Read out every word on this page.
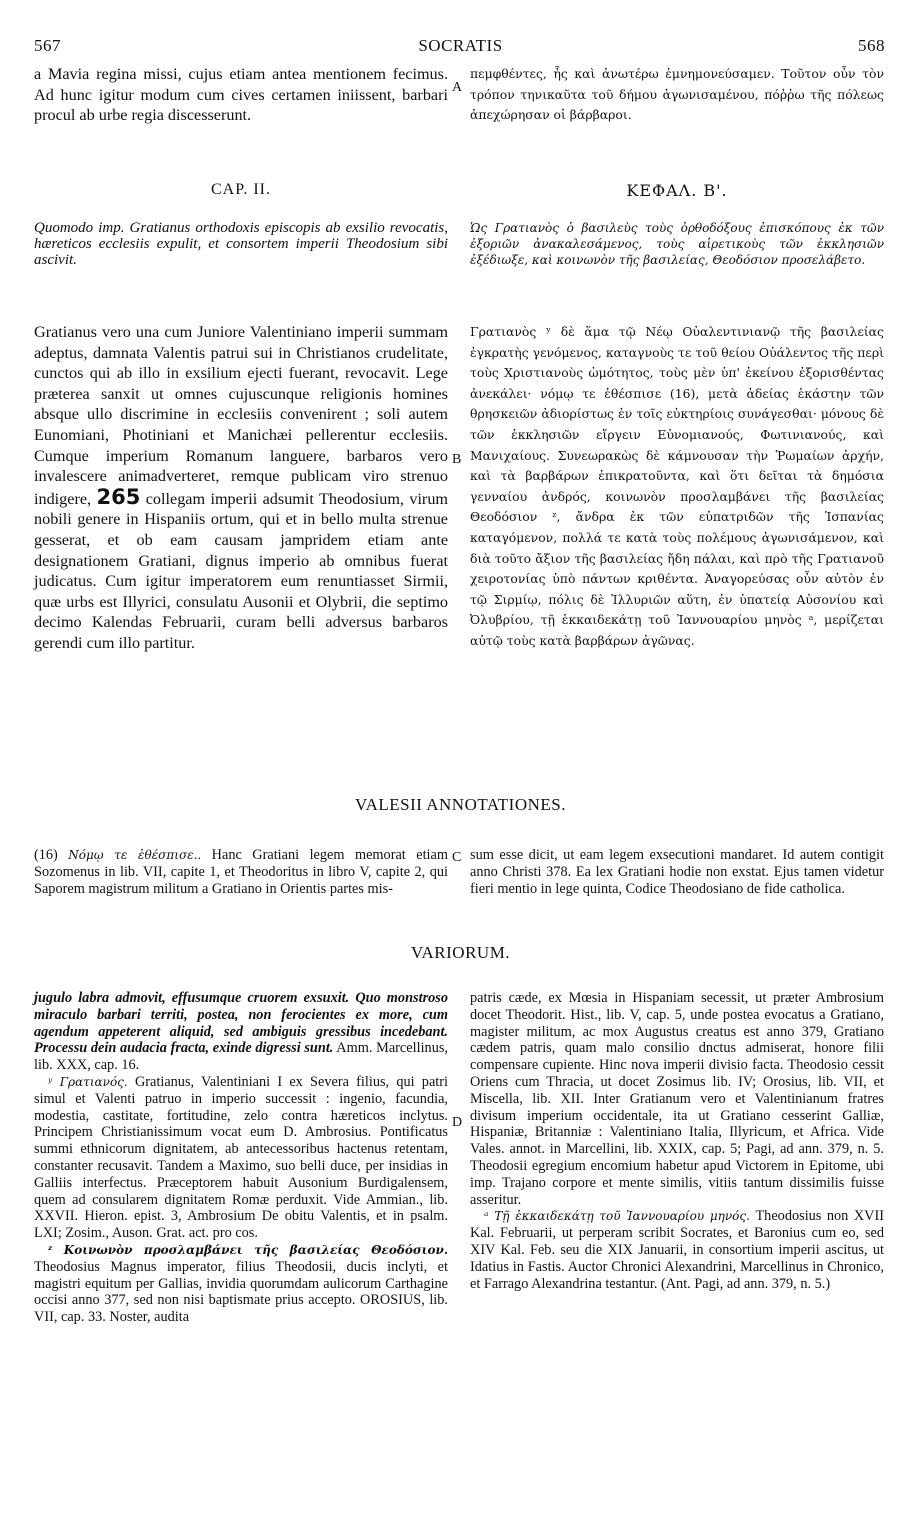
567	SOCRATIS	568
a Mavia regina missi, cujus etiam antea mentionem fecimus. Ad hunc igitur modum cum cives certamen iniissent, barbari procul ab urbe regia discesserunt.
πεμφθέντες, ἧς καὶ ἀνωτέρω ἐμνημονεύσαμεν. Τοῦτον οὖν τὸν τρόπον τηνικαῦτα τοῦ δήμου ἀγωνισαμένου, πόῤῥω τῆς πόλεως ἀπεχώρησαν οἱ βάρβαροι.
A
CAP. II.	ΚΕΦΑΛ. Β'.
Quomodo imp. Gratianus orthodoxis episcopis ab exsilio revocatis, hæreticos ecclesiis expulit, et consortem imperii Theodosium sibi ascivit.
Ὡς Γρατιανὸς ὁ βασιλεὺς τοὺς ὀρθοδόξους ἐπισκόπους ἐκ τῶν ἐξοριῶν ἀνακαλεσάμενος, τοὺς αἱρετικοὺς τῶν ἐκκλησιῶν ἐξέδιωξε, καὶ κοινωνὸν τῆς βασιλείας, Θεοδόσιον προσελάβετο.
Gratianus vero una cum Juniore Valentiniano imperii summam adeptus, damnata Valentis patrui sui in Christianos crudelitate, cunctos qui ab illo in exsilium ejecti fuerant, revocavit. Lege præterea sanxit ut omnes cujuscunque religionis homines absque ullo discrimine in ecclesiis convenirent ; soli autem Eunomiani, Photiniani et Manichæi pellerentur ecclesiis. Cumque imperium Romanum languere, barbaros vero invalescere animadverteret, remque publicam viro strenuo indigere, 265 collegam imperii adsumit Theodosium, virum nobili genere in Hispaniis ortum, qui et in bello multa strenue gesserat, et ob eam causam jampridem etiam ante designationem Gratiani, dignus imperio ab omnibus fuerat judicatus. Cum igitur imperatorem eum renuntiasset Sirmii, quæ urbs est Illyrici, consulatu Ausonii et Olybrii, die septimo decimo Kalendas Februarii, curam belli adversus barbaros gerendi cum illo partitur.
Γρατιανὸς ʸ δὲ ἅμα τῷ Νέῳ Οὐαλεντινιανῷ τῆς βασιλείας ἐγκρατὴς γενόμενος, καταγνοὺς τε τοῦ θείου Οὐάλεντος τῆς περὶ τοὺς Χριστιανοὺς ὠμότητος, τοὺς μὲν ὑπ' ἐκείνου ἐξορισθέντας ἀνεκάλει· νόμῳ τε ἐθέσπισε (16), μετὰ ἀδείας ἑκάστην τῶν θρησκειῶν ἀδιορίστως ἐν τοῖς εὐκτηρίοις συνάγεσθαι· μόνους δὲ τῶν ἐκκλησιῶν εἴργειν Εὐνομιανούς, Φωτινιανούς, καὶ Μανιχαίους. Συνεωρακὼς δὲ κάμνουσαν τὴν Ῥωμαίων ἀρχήν, καὶ τὰ βαρβάρων ἐπικρατοῦντα, καὶ ὅτι δεῖται τὰ δημόσια γενναίου ἀνδρός, κοινωνὸν προσλαμβάνει τῆς βασιλείας Θεοδόσιον ᶻ, ἄνδρα ἐκ τῶν εὐπατριδῶν τῆς Ἱσπανίας καταγόμενον, πολλά τε κατὰ τοὺς πολέμους ἀγωνισάμενον, καὶ διὰ τοῦτο ἄξιον τῆς βασιλείας ἤδη πάλαι, καὶ πρὸ τῆς Γρατιανοῦ χειροτονίας ὑπὸ πάντων κριθέντα. Ἀναγορεύσας οὖν αὐτὸν ἐν τῷ Σιρμίῳ, πόλις δὲ Ἰλλυριῶν αὕτη, ἐν ὑπατείᾳ Αὐσονίου καὶ Ὀλυβρίου, τῇ ἑκκαιδεκάτῃ τοῦ Ἰαννουαρίου μηνὸς ᵃ, μερίζεται αὐτῷ τοὺς κατὰ βαρβάρων ἀγῶνας.
B
VALESII ANNOTATIONES.
(16) Νόμῳ τε ἐθέσπισε.. Hanc Gratiani legem memorat etiam Sozomenus in lib. VII, capite 1, et Theodoritus in libro V, capite 2, qui Saporem magistrum militum a Gratiano in Orientis partes mis-
sum esse dicit, ut eam legem exsecutioni mandaret. Id autem contigit anno Christi 378. Ea lex Gratiani hodie non exstat. Ejus tamen videtur fieri mentio in lege quinta, Codice Theodosiano de fide catholica.
C
VARIORUM.
jugulo labra admovit, effusumque cruorem exsuxit. Quo monstroso miraculo barbari territi, postea, non ferocientes ex more, cum agendum appeterent aliquid, sed ambiguis gressibus incedebant. Processu dein audacia fracta, exinde digressi sunt. Amm. Marcellinus, lib. XXX, cap. 16.
ʸ Γρατιανός. Gratianus, Valentiniani I ex Severa filius, qui patri simul et Valenti patruo in imperio successit : ingenio, facundia, modestia, castitate, fortitudine, zelo contra hæreticos inclytus. Principem Christianissimum vocat eum D. Ambrosius. Pontificatus summi ethnicorum dignitatem, ab antecessoribus hactenus retentam, constanter recusavit. Tandem a Maximo, suo belli duce, per insidias in Galliis interfectus. Præceptorem habuit Ausonium Burdigalensem, quem ad consularem dignitatem Romæ perduxit. Vide Ammian., lib. XXVII. Hieron. epist. 3, Ambrosium De obitu Valentis, et in psalm. LXI; Zosim., Auson. Grat. act. pro cos.
ᶻ Κοινωνὸν προσλαμβάνει τῆς βασιλείας Θεοδόσιον. Theodosius Magnus imperator, filius Theodosii, ducis inclyti, et magistri equitum per Gallias, invidia quorumdam aulicorum Carthagine occisi anno 377, sed non nisi baptismate prius accepto. OROSIUS, lib. VII, cap. 33. Noster, audita
patris cæde, ex Mœsia in Hispaniam secessit, ut præter Ambrosium docet Theodorit. Hist., lib. V, cap. 5, unde postea evocatus a Gratiano, magister militum, ac mox Augustus creatus est anno 379, Gratiano cædem patris, quam malo consilio dnctus admiserat, honore filii compensare cupiente. Hinc nova imperii divisio facta. Theodosio cessit Oriens cum Thracia, ut docet Zosimus lib. IV; Orosius, lib. VII, et Miscella, lib. XII. Inter Gratianum vero et Valentinianum fratres divisum imperium occidentale, ita ut Gratiano cesserint Galliæ, Hispaniæ, Britanniæ : Valentiniano Italia, Illyricum, et Africa. Vide Vales. annot. in Marcellini, lib. XXIX, cap. 5; Pagi, ad ann. 379, n. 5. Theodosii egregium encomium habetur apud Victorem in Epitome, ubi imp. Trajano corpore et mente similis, vitiis tantum dissimilis fuisse asseritur.
ᵃ Τῇ ἑκκαιδεκάτῃ τοῦ Ἰαννουαρίου μηνός. Theodosius non XVII Kal. Februarii, ut perperam scribit Socrates, et Baronius cum eo, sed XIV Kal. Feb. seu die XIX Januarii, in consortium imperii ascitus, ut Idatius in Fastis. Auctor Chronici Alexandrini, Marcellinus in Chronico, et Farrago Alexandrina testantur. (Ant. Pagi, ad ann. 379, n. 5.)
D
